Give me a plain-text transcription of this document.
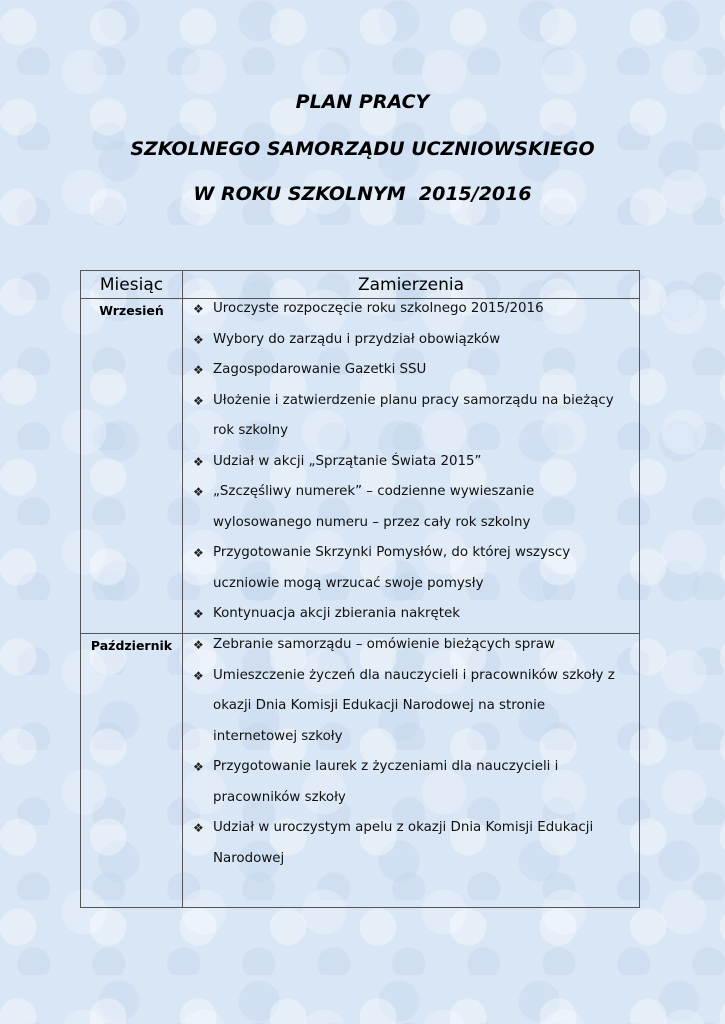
PLAN PRACY
SZKOLNEGO SAMORZĄDU UCZNIOWSKIEGO
W ROKU SZKOLNYM  2015/2016
Miesiąc	Zamierzenia
Wrzesień	❖ Uroczyste rozpoczęcie roku szkolnego 2015/2016
❖ Wybory do zarządu i przydział obowiązków
❖ Zagospodarowanie Gazetki SSU
❖ Ułożenie i zatwierdzenie planu pracy samorządu na bieżący rok szkolny
❖ Udział w akcji „Sprzątanie Świata 2015”
❖ „Szczęśliwy numerek” – codzienne wywieszanie wylosowanego numeru – przez cały rok szkolny
❖ Przygotowanie Skrzynki Pomysłów, do której wszyscy uczniowie mogą wrzucać swoje pomysły
❖ Kontynuacja akcji zbierania nakrętek
Październik	❖ Zebranie samorządu – omówienie bieżących spraw
❖ Umieszczenie życzeń dla nauczycieli i pracowników szkoły z okazji Dnia Komisji Edukacji Narodowej na stronie internetowej szkoły
❖ Przygotowanie laurek z życzeniami dla nauczycieli i pracowników szkoły
❖ Udział w uroczystym apelu z okazji Dnia Komisji Edukacji Narodowej
